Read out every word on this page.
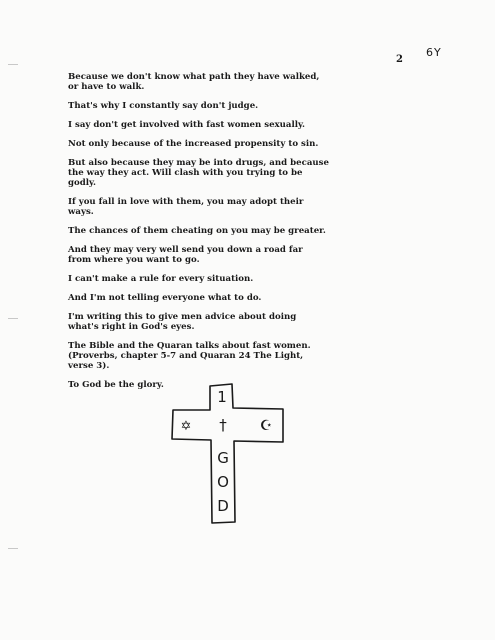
2
6Y

Because we don't know what path they have walked,
or have to walk.

That's why I constantly say don't judge.

I say don't get involved with fast women sexually.

Not only because of the increased propensity to sin.

But also because they may be into drugs, and because
the way they act. Will clash with you trying to be
godly.

If you fall in love with them, you may adopt their
ways.

The chances of them cheating on you may be greater.

And they may very well send you down a road far
from where you want to go.

I can't make a rule for every situation.

And I'm not telling everyone what to do.

I'm writing this to give men advice about doing
what's right in God's eyes.

The Bible and the Quaran talks about fast women.
(Proverbs, chapter 5-7 and Quaran 24 The Light,
verse 3).

To God be the glory.

1
†
✡	☪
G
O
D
